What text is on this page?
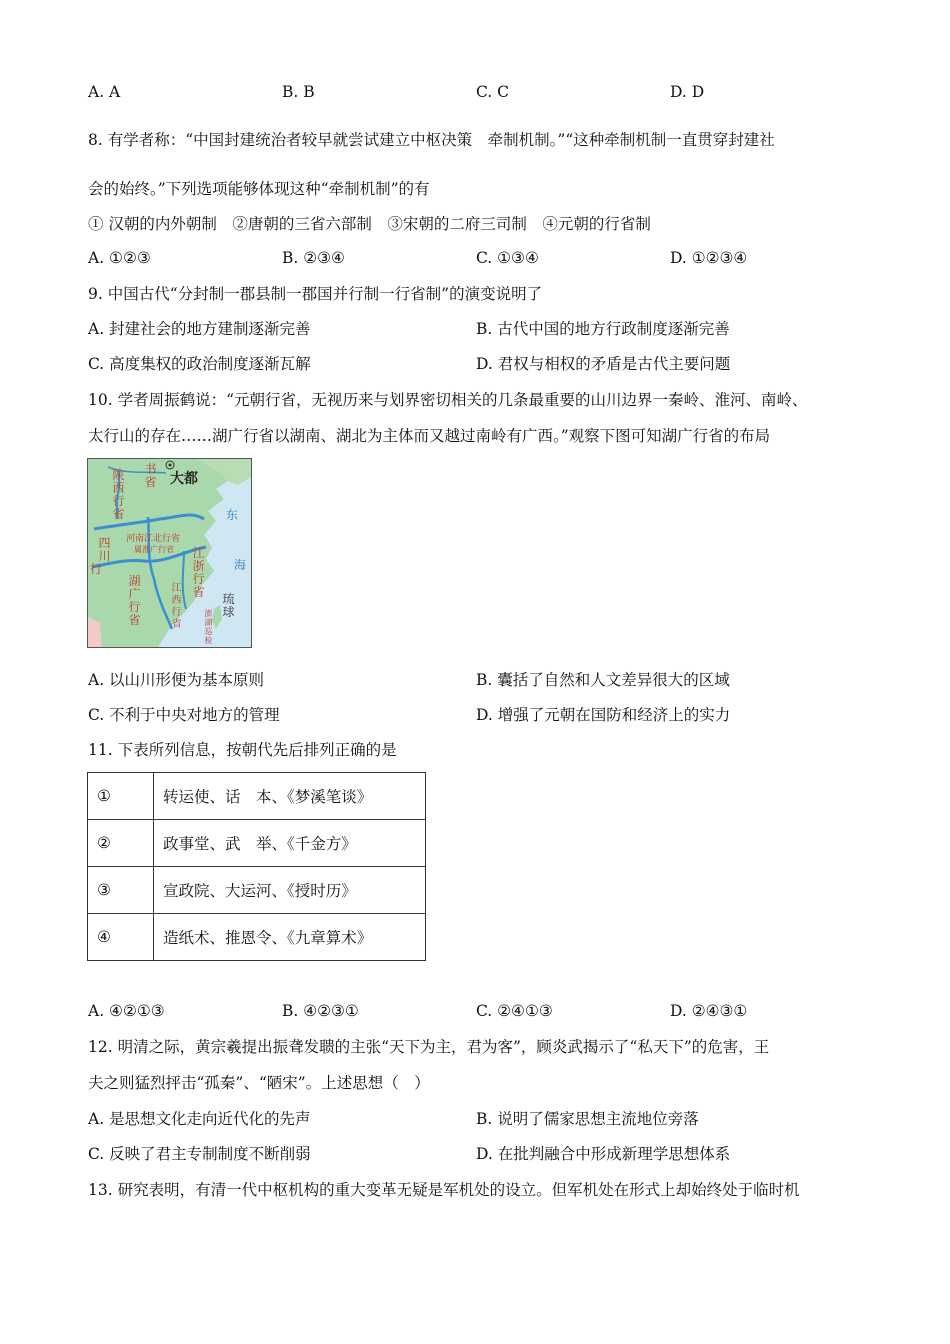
A. A	B. B	C. C	D. D
8. 有学者称：“中国封建统治者较早就尝试建立中枢决策　牵制机制。”“这种牵制机制一直贯穿封建社
会的始终。”下列选项能够体现这种“牵制机制”的有
① 汉朝的内外朝制　②唐朝的三省六部制　③宋朝的二府三司制　④元朝的行省制
A. ①②③	B. ②③④	C. ①③④	D. ①②③④
9. 中国古代“分封制一郡县制一郡国并行制一行省制”的演变说明了
A. 封建社会的地方建制逐渐完善	B. 古代中国的地方行政制度逐渐完善
C. 高度集权的政治制度逐渐瓦解	D. 君权与相权的矛盾是古代主要问题
10. 学者周振鹤说：“元朝行省，无视历来与划界密切相关的几条最重要的山川边界一秦岭、淮河、南岭、
太行山的存在……湖广行省以湖南、湖北为主体而又越过南岭有广西。”观察下图可知湖广行省的布局
大都
书省
陕西行省
四川
行
河南江北行省
属淮广行省 江浙行省
江西行省
湖广行省
东
海
琉球
澎湖巡检
A. 以山川形便为基本原则	B. 囊括了自然和人文差异很大的区域
C. 不利于中央对地方的管理	D. 增强了元朝在国防和经济上的实力
11. 下表所列信息，按朝代先后排列正确的是
①	转运使、话　本、《梦溪笔谈》
②	政事堂、武　举、《千金方》
③	宣政院、大运河、《授时历》
④	造纸术、推恩令、《九章算术》
A. ④②①③	B. ④②③①	C. ②④①③	D. ②④③①
12. 明清之际，黄宗羲提出振聋发聩的主张“天下为主，君为客”，顾炎武揭示了“私天下”的危害，王
夫之则猛烈抨击“孤秦”、“陋宋”。上述思想（　）
A. 是思想文化走向近代化的先声	B. 说明了儒家思想主流地位旁落
C. 反映了君主专制制度不断削弱	D. 在批判融合中形成新理学思想体系
13. 研究表明，有清一代中枢机构的重大变革无疑是军机处的设立。但军机处在形式上却始终处于临时机
